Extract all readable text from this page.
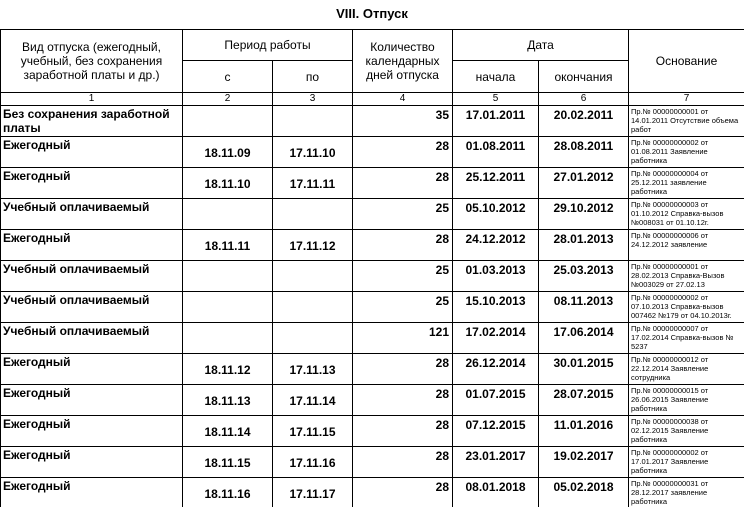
VIII. Отпуск
Вид отпуска (ежегодный, учебный, без сохранения заработной платы и др.)	Период работы		Количество календарных дней отпуска	Дата		Основание
	с	по		начала	окончания	
1	2	3	4	5	6	7
Без сохранения заработной платы			35	17.01.2011	20.02.2011	Пр.№ 00000000001 от 14.01.2011 Отсутствие объема работ
Ежегодный	18.11.09	17.11.10	28	01.08.2011	28.08.2011	Пр.№ 00000000002 от 01.08.2011 Заявление работника
Ежегодный	18.11.10	17.11.11	28	25.12.2011	27.01.2012	Пр.№ 00000000004 от 25.12.2011 заявление работника
Учебный оплачиваемый			25	05.10.2012	29.10.2012	Пр.№ 00000000003 от 01.10.2012 Справка-вызов №008031 от 01.10.12г.
Ежегодный	18.11.11	17.11.12	28	24.12.2012	28.01.2013	Пр.№ 00000000006 от 24.12.2012 заявление
Учебный оплачиваемый			25	01.03.2013	25.03.2013	Пр.№ 00000000001 от 28.02.2013 Справка-Вызов №003029 от 27.02.13
Учебный оплачиваемый			25	15.10.2013	08.11.2013	Пр.№ 00000000002 от 07.10.2013 Справка-вызов 007462 №179 от 04.10.2013г.
Учебный оплачиваемый			121	17.02.2014	17.06.2014	Пр.№ 00000000007 от 17.02.2014 Справка-вызов № 5237
Ежегодный	18.11.12	17.11.13	28	26.12.2014	30.01.2015	Пр.№ 00000000012 от 22.12.2014 Заявление сотрудника
Ежегодный	18.11.13	17.11.14	28	01.07.2015	28.07.2015	Пр.№ 00000000015 от 26.06.2015 Заявление работника
Ежегодный	18.11.14	17.11.15	28	07.12.2015	11.01.2016	Пр.№ 00000000038 от 02.12.2015 Заявление работника
Ежегодный	18.11.15	17.11.16	28	23.01.2017	19.02.2017	Пр.№ 00000000002 от 17.01.2017 Заявление работника
Ежегодный	18.11.16	17.11.17	28	08.01.2018	05.02.2018	Пр.№ 00000000031 от 28.12.2017 заявление работника
